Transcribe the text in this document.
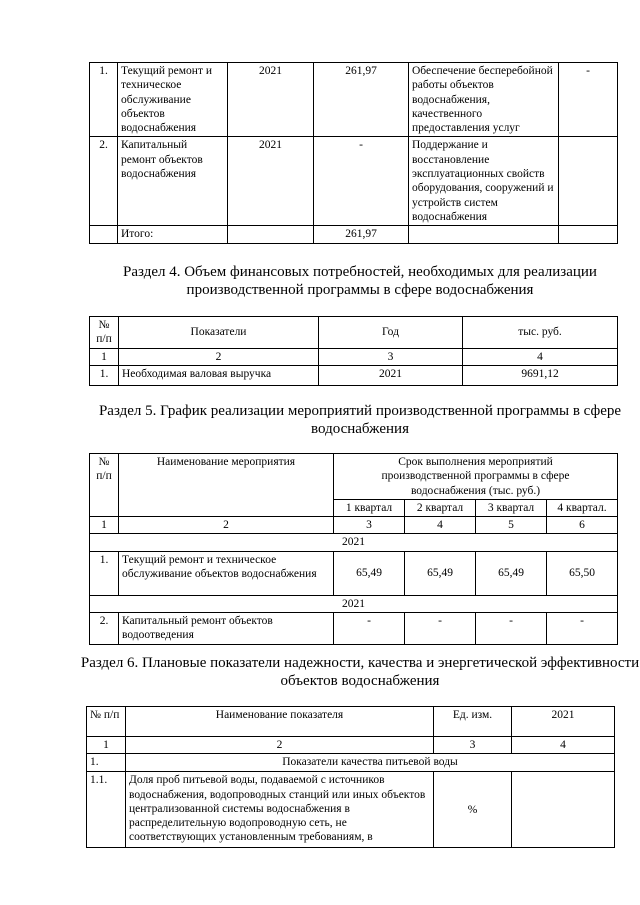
1.	Текущий ремонт и техническое обслуживание объектов водоснабжения	2021	261,97	Обеспечение бесперебойной работы объектов водоснабжения, качественного предоставления услуг	-
2.	Капитальный ремонт объектов водоснабжения	2021	-	Поддержание и восстановление эксплуатационных свойств оборудования, сооружений и устройств систем водоснабжения	
	Итого:		261,97		
Раздел 4. Объем финансовых потребностей, необходимых для реализации производственной программы в сфере водоснабжения
№ п/п	Показатели	Год	тыс. руб.
1	2	3	4
1.	Необходимая валовая выручка	2021	9691,12
Раздел 5. График реализации мероприятий производственной программы в сфере водоснабжения
№ п/п	Наименование мероприятия	Срок выполнения мероприятий производственной программы в сфере водоснабжения (тыс. руб.)			
		1 квартал	2 квартал	3 квартал	4 квартал.
1	2	3	4	5	6
2021					
1.	Текущий ремонт и техническое обслуживание объектов водоснабжения	65,49	65,49	65,49	65,50
2021					
2.	Капитальный ремонт объектов водоотведения	-	-	-	-
Раздел 6. Плановые показатели надежности, качества и энергетической эффективности объектов водоснабжения
№ п/п	Наименование показателя	Ед. изм.	2021
1	2	3	4
1.	Показатели качества питьевой воды		
1.1.	Доля проб питьевой воды, подаваемой с источников водоснабжения, водопроводных станций или иных объектов централизованной системы водоснабжения в распределительную водопроводную сеть, не соответствующих установленным требованиям, в	%	
